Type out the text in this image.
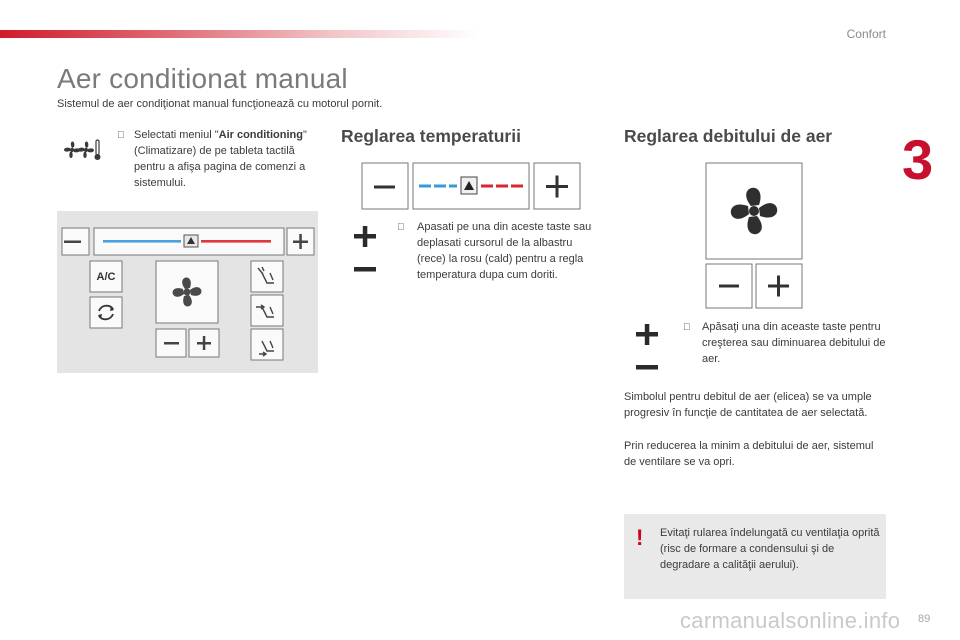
Confort
3
Aer conditionat manual
Sistemul de aer condiţionat manual funcţionează cu motorul pornit.
Selectati meniul "Air conditioning" (Climatizare) de pe tableta tactilă pentru a afişa pagina de comenzi a sistemului.
A/C
Reglarea temperaturii
Apasati pe una din aceste taste sau deplasati cursorul de la albastru (rece) la rosu (cald) pentru a regla temperatura dupa cum doriti.
Reglarea debitului de aer
Apăsaţi una din aceaste taste pentru creşterea sau diminuarea debitului de aer.
Simbolul pentru debitul de aer (elicea) se va umple progresiv în funcţie de cantitatea de aer selectată.
Prin reducerea la minim a debitului de aer, sistemul de ventilare se va opri.
! Evitaţi rularea îndelungată cu ventilaţia oprită (risc de formare a condensului şi de degradare a calităţii aerului).
carmanualsonline.info 89
